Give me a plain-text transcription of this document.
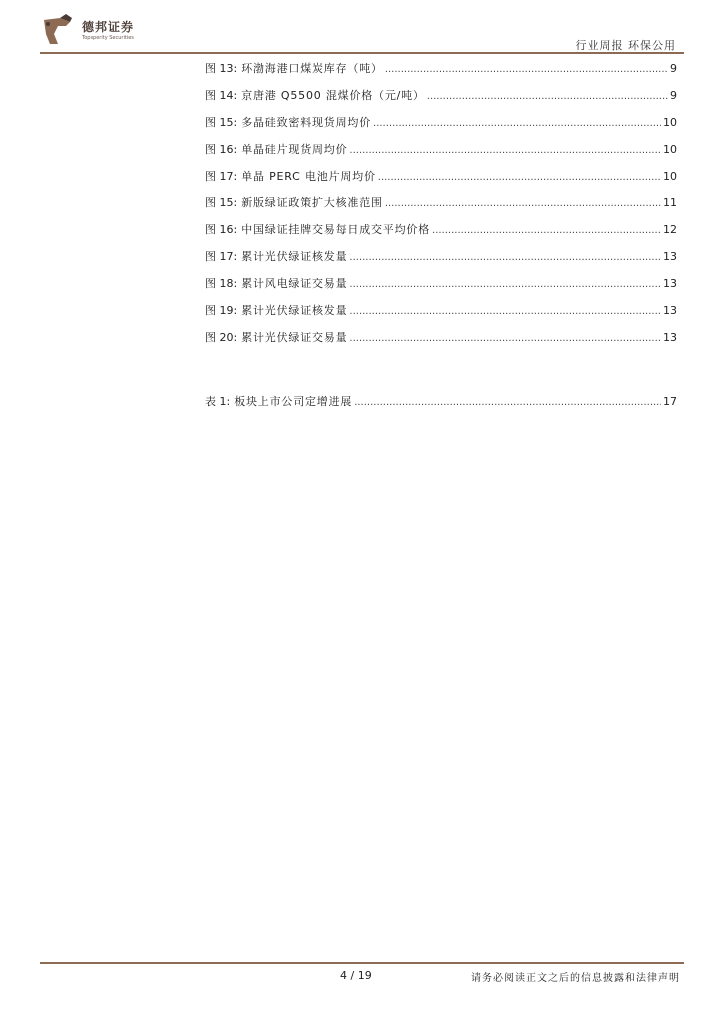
德邦证券
Topsperity Securities
行业周报 环保公用
图 13: 环渤海港口煤炭库存（吨） .....	9
图 14: 京唐港 Q5500 混煤价格（元/吨） .....	9
图 15: 多晶硅致密料现货周均价 .....	10
图 16: 单晶硅片现货周均价 .....	10
图 17: 单晶 PERC 电池片周均价 .....	10
图 15: 新版绿证政策扩大核准范围 .....	11
图 16: 中国绿证挂牌交易每日成交平均价格 .....	12
图 17: 累计光伏绿证核发量 .....	13
图 18: 累计风电绿证交易量 .....	13
图 19: 累计光伏绿证核发量 .....	13
图 20: 累计光伏绿证交易量 .....	13
表 1: 板块上市公司定增进展 .....	17
4 / 19	请务必阅读正文之后的信息披露和法律声明
